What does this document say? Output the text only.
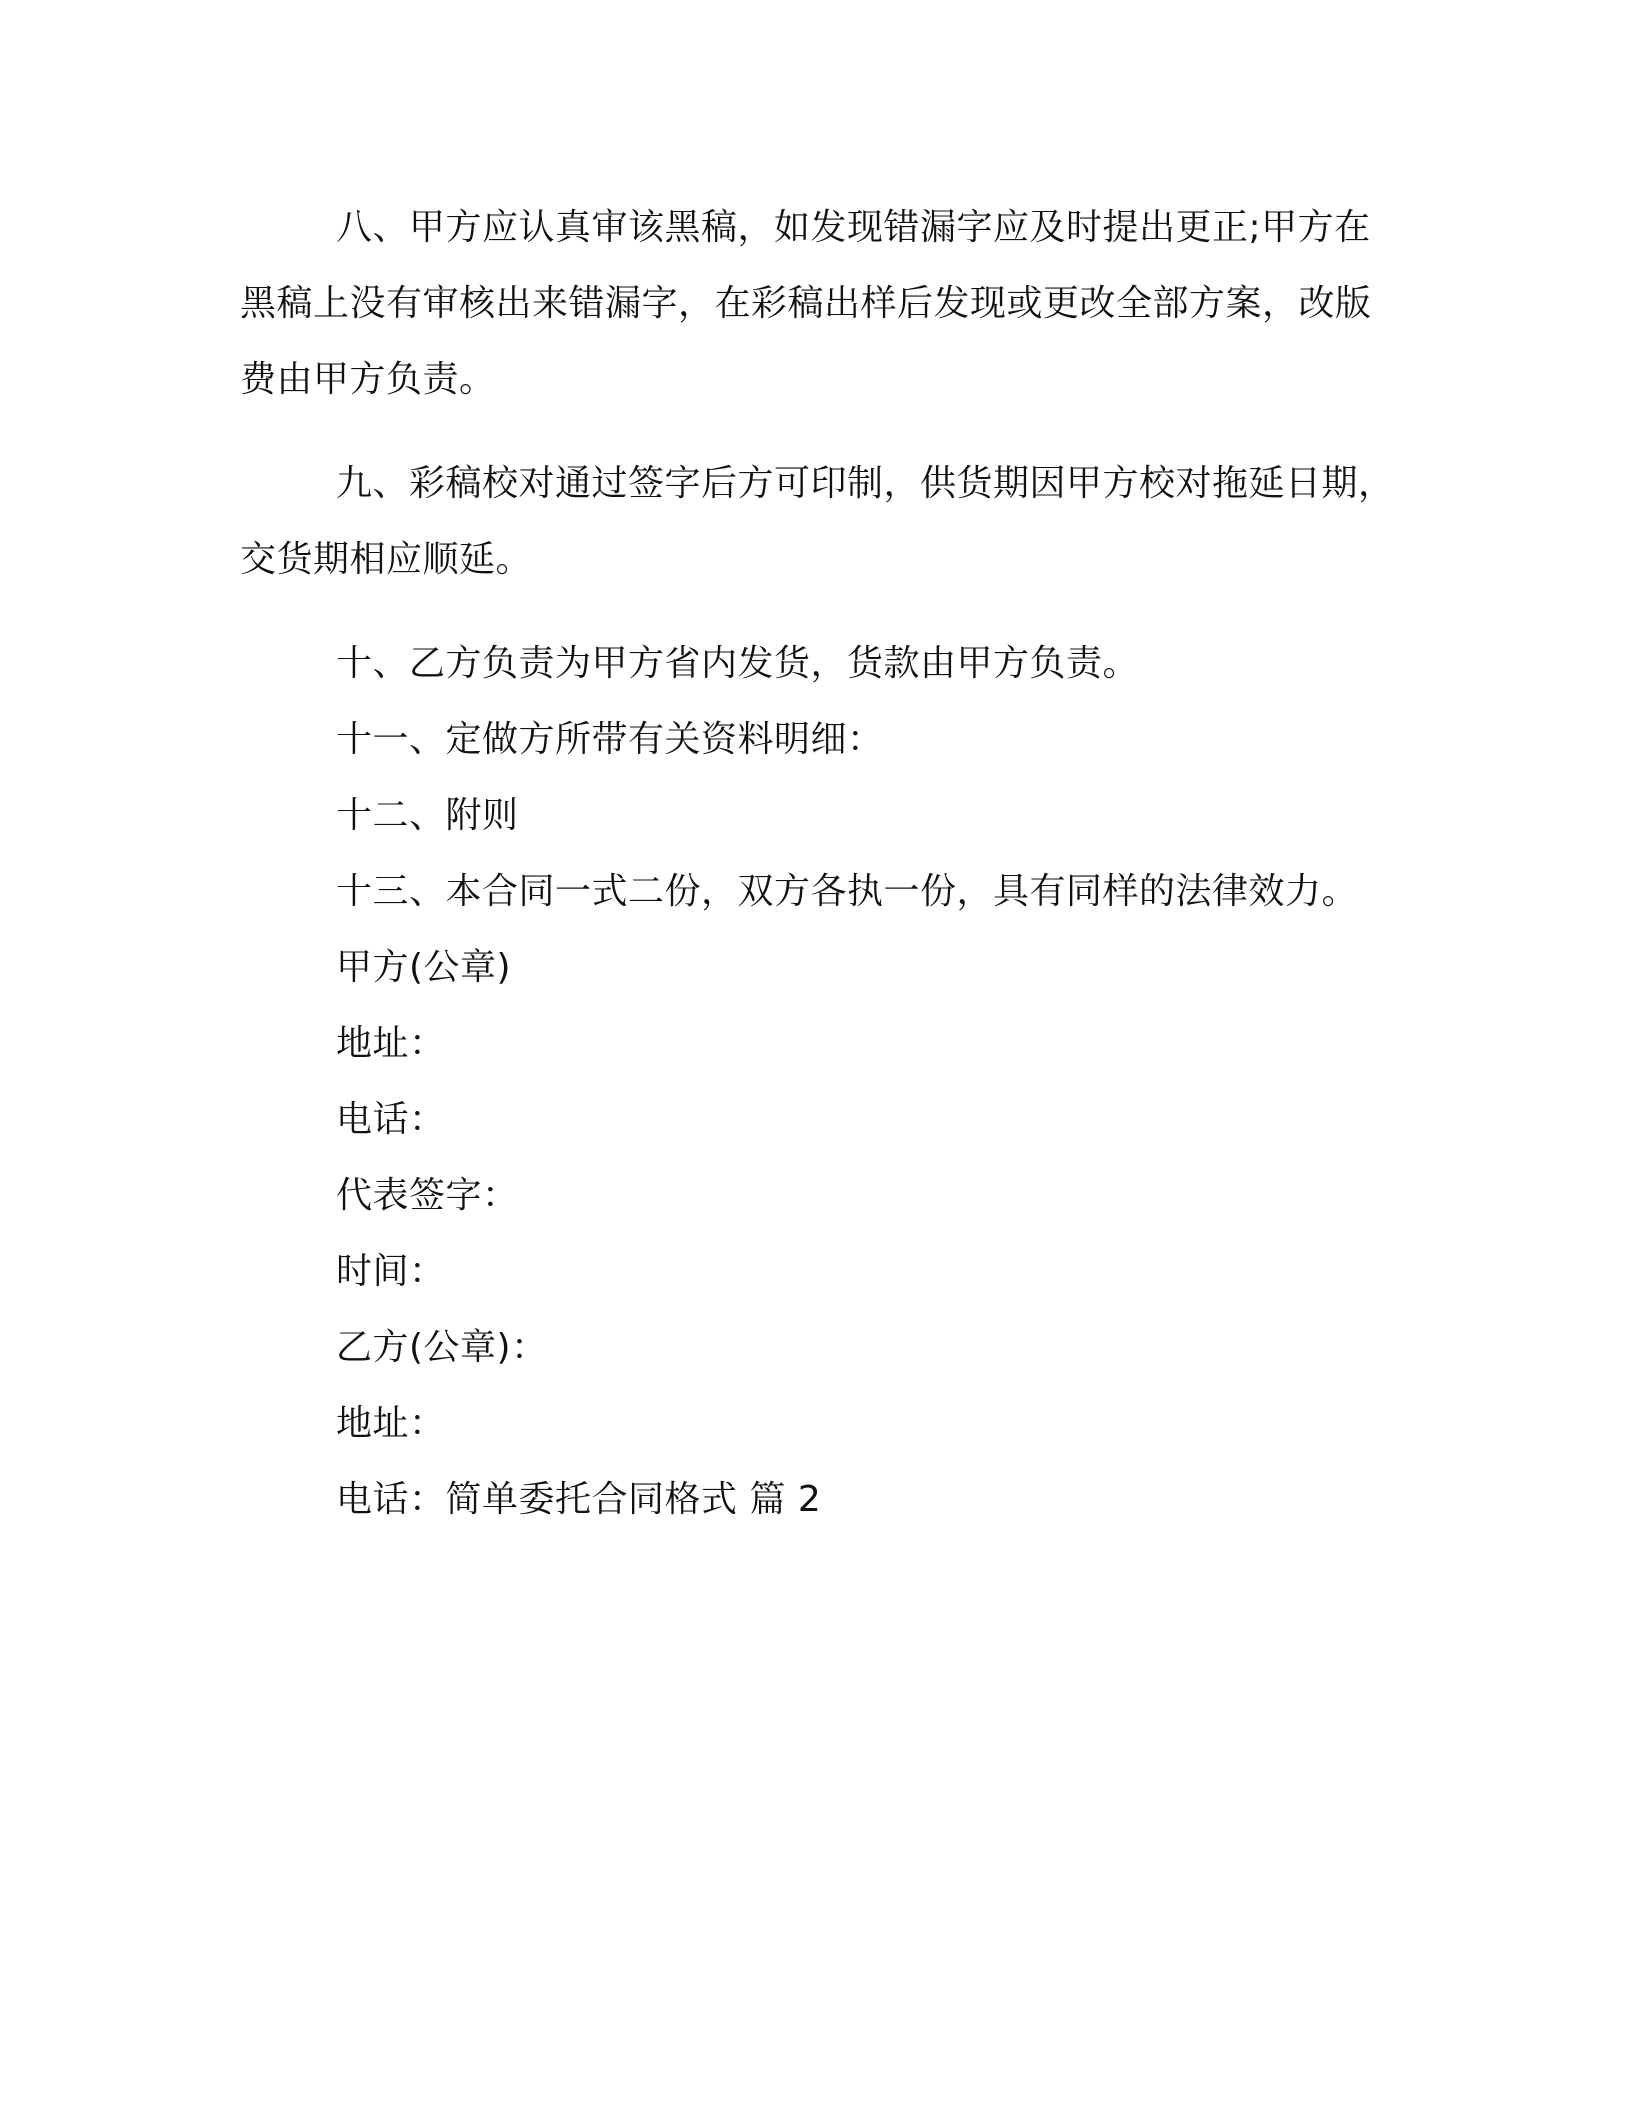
八、甲方应认真审该黑稿，如发现错漏字应及时提出更正;甲方在黑稿上没有审核出来错漏字，在彩稿出样后发现或更改全部方案，改版费由甲方负责。

九、彩稿校对通过签字后方可印制，供货期因甲方校对拖延日期，交货期相应顺延。

十、乙方负责为甲方省内发货，货款由甲方负责。

十一、定做方所带有关资料明细：

十二、附则

十三、本合同一式二份，双方各执一份，具有同样的法律效力。

甲方(公章)

地址：

电话：

代表签字：

时间：

乙方(公章)：

地址：

电话：简单委托合同格式 篇 2
